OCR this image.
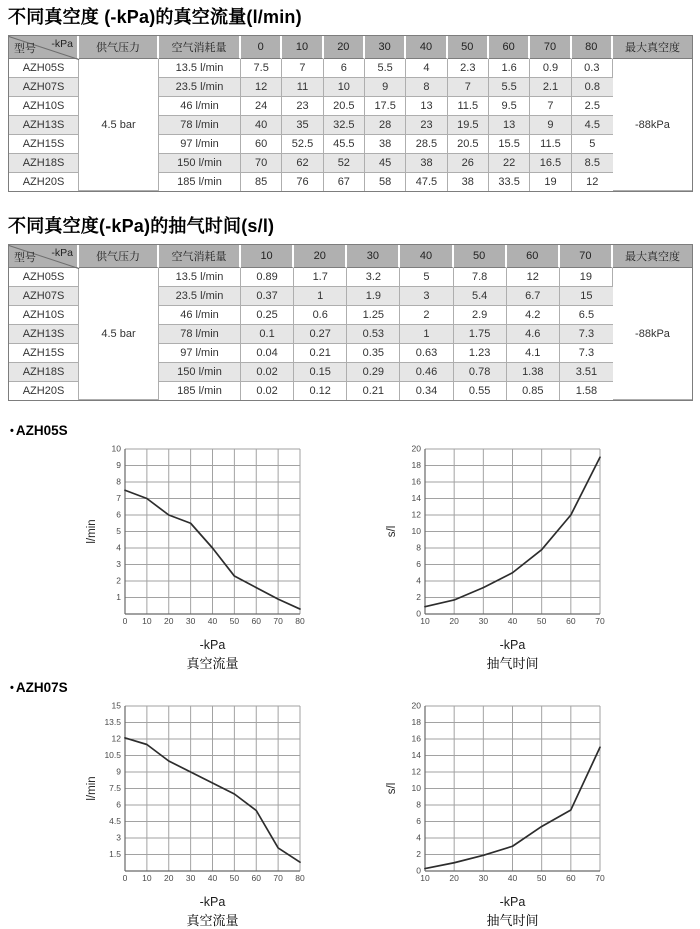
不同真空度 (-kPa)的真空流量(l/min)
-kPa
型号	供气压力	空气消耗量	0	10	20	30	40	50	60	70	80	最大真空度
AZH05S	4.5 bar	13.5 l/min	7.5	7	6	5.5	4	2.3	1.6	0.9	0.3	-88kPa
AZH07S		23.5 l/min	12	11	10	9	8	7	5.5	2.1	0.8	
AZH10S		46 l/min	24	23	20.5	17.5	13	11.5	9.5	7	2.5	
AZH13S		78 l/min	40	35	32.5	28	23	19.5	13	9	4.5	
AZH15S		97 l/min	60	52.5	45.5	38	28.5	20.5	15.5	11.5	5	
AZH18S		150 l/min	70	62	52	45	38	26	22	16.5	8.5	
AZH20S		185 l/min	85	76	67	58	47.5	38	33.5	19	12	
不同真空度(-kPa)的抽气时间(s/l)
-kPa
型号	供气压力	空气消耗量	10	20	30	40	50	60	70	最大真空度
AZH05S	4.5 bar	13.5 l/min	0.89	1.7	3.2	5	7.8	12	19	-88kPa
AZH07S		23.5 l/min	0.37	1	1.9	3	5.4	6.7	15	
AZH10S		46 l/min	0.25	0.6	1.25	2	2.9	4.2	6.5	
AZH13S		78 l/min	0.1	0.27	0.53	1	1.75	4.6	7.3	
AZH15S		97 l/min	0.04	0.21	0.35	0.63	1.23	4.1	7.3	
AZH18S		150 l/min	0.02	0.15	0.29	0.46	0.78	1.38	3.51	
AZH20S		185 l/min	0.02	0.12	0.21	0.34	0.55	0.85	1.58	
• AZH05S
0 10 20 30 40 50 60 70 80
1
2
3
4
5
6
7
8
9
10
l/min
-kPa
真空流量
10 20 30 40 50 60 70
0
2
4
6
8
10
12
14
16
18
20
s/l
-kPa
抽气时间
• AZH07S
0 10 20 30 40 50 60 70 80
1.5
3
4.5
6
7.5
9
10.5
12
13.5
15
l/min
-kPa
真空流量
10 20 30 40 50 60 70
0
2
4
6
8
10
12
14
16
18
20
s/l
-kPa
抽气时间
